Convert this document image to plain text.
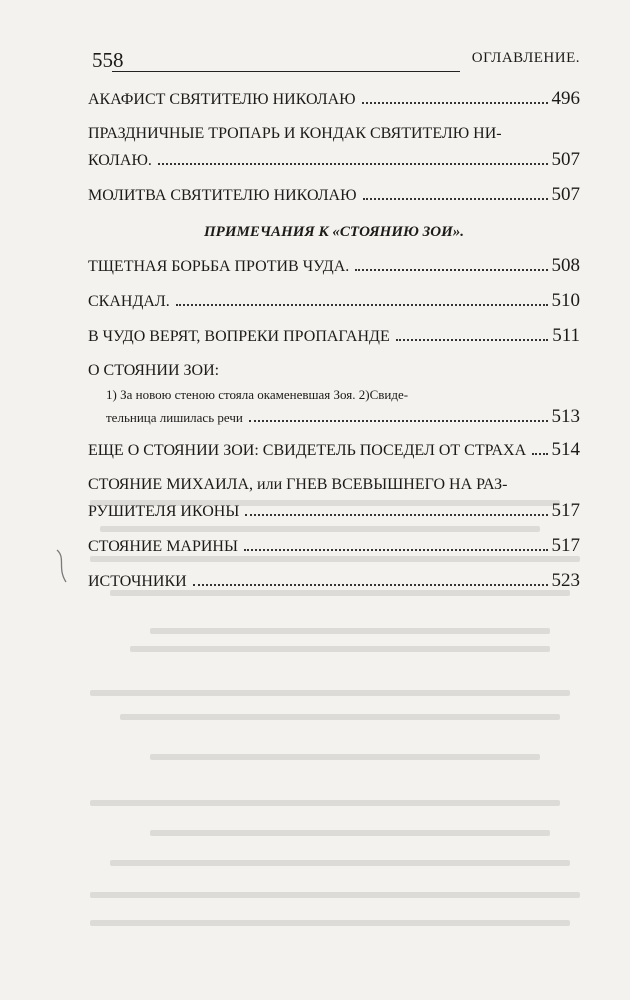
558	ОГЛАВЛЕНИЕ.
АКАФИСТ СВЯТИТЕЛЮ НИКОЛАЮ	496
ПРАЗДНИЧНЫЕ ТРОПАРЬ И КОНДАК СВЯТИТЕЛЮ НИ-
КОЛАЮ.	507
МОЛИТВА СВЯТИТЕЛЮ НИКОЛАЮ	507
ПРИМЕЧАНИЯ К «СТОЯНИЮ ЗОИ».
ТЩЕТНАЯ БОРЬБА ПРОТИВ ЧУДА.	508
СКАНДАЛ.	510
В ЧУДО ВЕРЯТ, ВОПРЕКИ ПРОПАГАНДЕ	511
О СТОЯНИИ ЗОИ:
1) За новою стеною стояла окаменевшая Зоя. 2)Свиде-
тельница лишилась речи	513
ЕЩЕ О СТОЯНИИ ЗОИ: СВИДЕТЕЛЬ ПОСЕДЕЛ ОТ СТРАХА 514
СТОЯНИЕ МИХАИЛА, или ГНЕВ ВСЕВЫШНЕГО НА РАЗ-
РУШИТЕЛЯ ИКОНЫ	517
СТОЯНИЕ МАРИНЫ	517
ИСТОЧНИКИ	523
